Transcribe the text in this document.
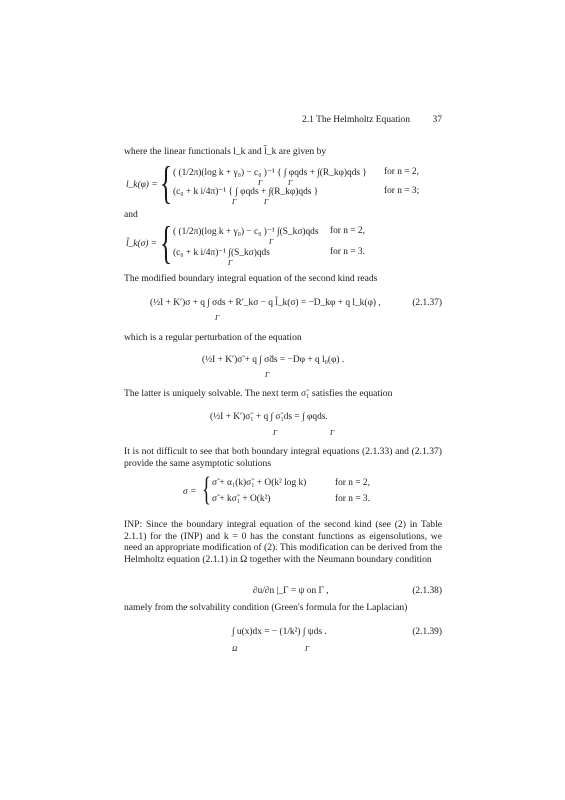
2.1 The Helmholtz Equation 37
where the linear functionals l_k and l̃_k are given by
l_k(φ) = { ( (1/2π)(log k + γ₀) − c₀ )⁻¹ { ∫ φqds + ∫(R_kφ)qds } for n = 2,
Γ	Γ
(c₀ + k i/4π)⁻¹ { ∫ φqds + ∫(R_kφ)qds }	for n = 3;
Γ	Γ
and
l̃_k(σ) = { ( (1/2π)(log k + γ₀) − c₀ )⁻¹ ∫(S_kσ)qds for n = 2,
Γ
(c₀ + k i/4π)⁻¹ ∫(S_kσ)qds	for n = 3.
Γ
The modified boundary integral equation of the second kind reads
(½I + K′)σ + q ∫ σds + R′_kσ − q l̃_k(σ) = −D_kφ + q l_k(φ) ,
Γ
(2.1.37)
which is a regular perturbation of the equation
(½I + K′)σ̃ + q ∫ σ̃ds = −Dφ + q l₀(φ) .
Γ
The latter is uniquely solvable. The next term σ̃₁ satisfies the equation
(½I + K′)σ̃₁ + q ∫ σ̃₁ds = ∫ φqds.
Γ	Γ
It is not difficult to see that both boundary integral equations (2.1.33) and (2.1.37) provide the same asymptotic solutions
σ = { σ̃ + α₁(k)σ̃₁ + O(k² log k)	for n = 2,
σ̃ + kσ̃₁ + O(k²)	for n = 3.
INP: Since the boundary integral equation of the second kind (see (2) in Table 2.1.1) for the (INP) and k = 0 has the constant functions as eigensolutions, we need an appropriate modification of (2). This modification can be derived from the Helmholtz equation (2.1.1) in Ω together with the Neumann boundary condition
∂u/∂n |_Γ = ψ on Γ ,	(2.1.38)
namely from the solvability condition (Green's formula for the Laplacian)
∫ u(x)dx = − (1/k²) ∫ ψds .
Ω	Γ
(2.1.39)
